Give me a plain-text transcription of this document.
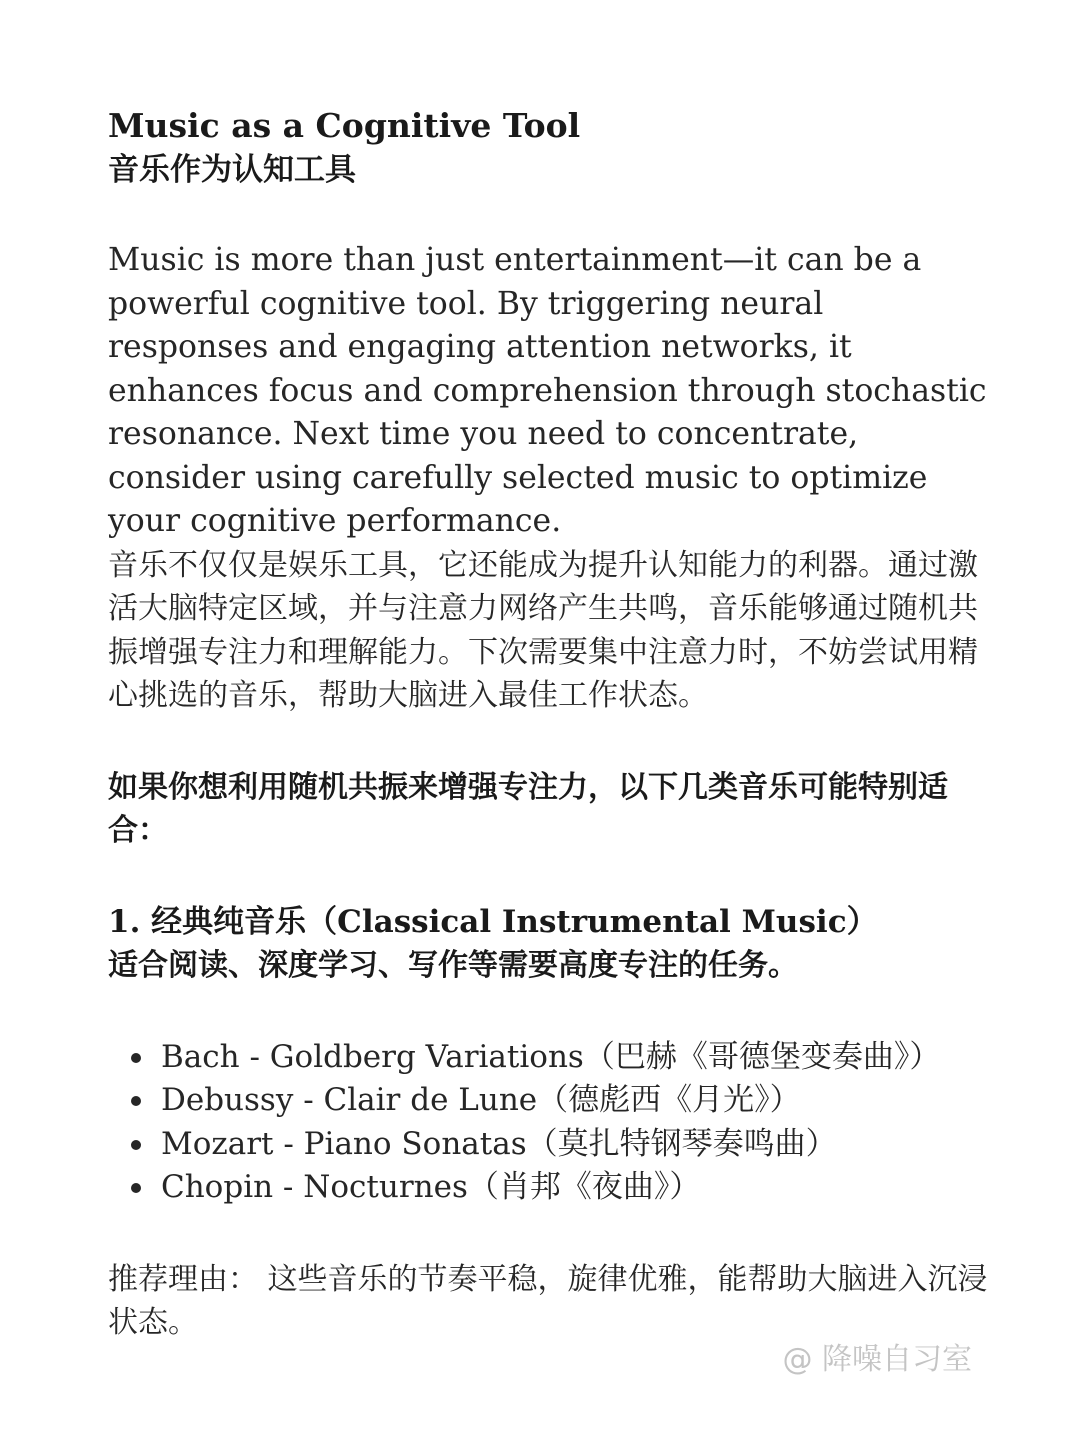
Music as a Cognitive Tool
音乐作为认知工具

Music is more than just entertainment—it can be a powerful cognitive tool. By triggering neural responses and engaging attention networks, it enhances focus and comprehension through stochastic resonance. Next time you need to concentrate, consider using carefully selected music to optimize your cognitive performance.

音乐不仅仅是娱乐工具，它还能成为提升认知能力的利器。通过激活大脑特定区域，并与注意力网络产生共鸣，音乐能够通过随机共振增强专注力和理解能力。下次需要集中注意力时，不妨尝试用精心挑选的音乐，帮助大脑进入最佳工作状态。

如果你想利用随机共振来增强专注力，以下几类音乐可能特别适合：

1. 经典纯音乐（Classical Instrumental Music）

适合阅读、深度学习、写作等需要高度专注的任务。

Bach - Goldberg Variations（巴赫《哥德堡变奏曲》）
Debussy - Clair de Lune（德彪西《月光》）
Mozart - Piano Sonatas（莫扎特钢琴奏鸣曲）
Chopin - Nocturnes（肖邦《夜曲》）

推荐理由： 这些音乐的节奏平稳，旋律优雅，能帮助大脑进入沉浸状态。

@ 降噪自习室
